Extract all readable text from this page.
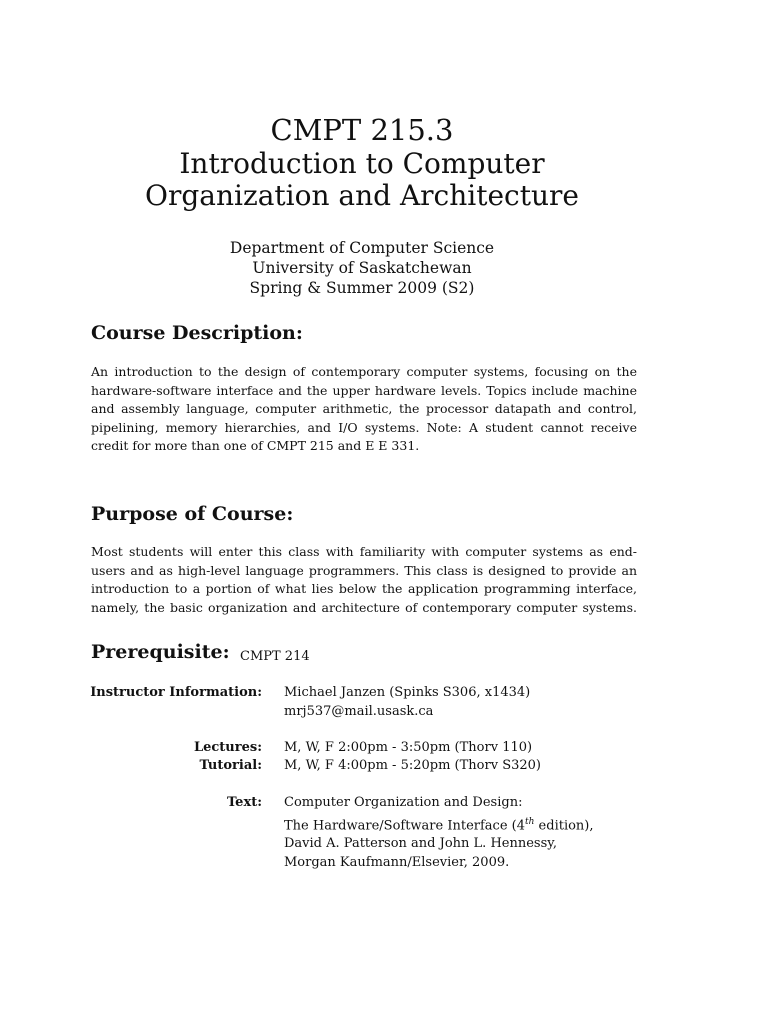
CMPT 215.3
Introduction to Computer
Organization and Architecture
Department of Computer Science
University of Saskatchewan
Spring & Summer 2009 (S2)
Course Description:
An introduction to the design of contemporary computer systems, focusing on the
hardware-software interface and the upper hardware levels. Topics include machine
and assembly language, computer arithmetic, the processor datapath and control,
pipelining, memory hierarchies, and I/O systems. Note: A student cannot receive
credit for more than one of CMPT 215 and E E 331.
Purpose of Course:
Most students will enter this class with familiarity with computer systems as end-
users and as high-level language programmers. This class is designed to provide an
introduction to a portion of what lies below the application programming interface,
namely, the basic organization and architecture of contemporary computer systems.
Prerequisite: CMPT 214
Instructor Information: Michael Janzen (Spinks S306, x1434)
mrj537@mail.usask.ca
Lectures: M, W, F 2:00pm - 3:50pm (Thorv 110)
Tutorial: M, W, F 4:00pm - 5:20pm (Thorv S320)
Text: Computer Organization and Design:
The Hardware/Software Interface (4th edition),
David A. Patterson and John L. Hennessy,
Morgan Kaufmann/Elsevier, 2009.
